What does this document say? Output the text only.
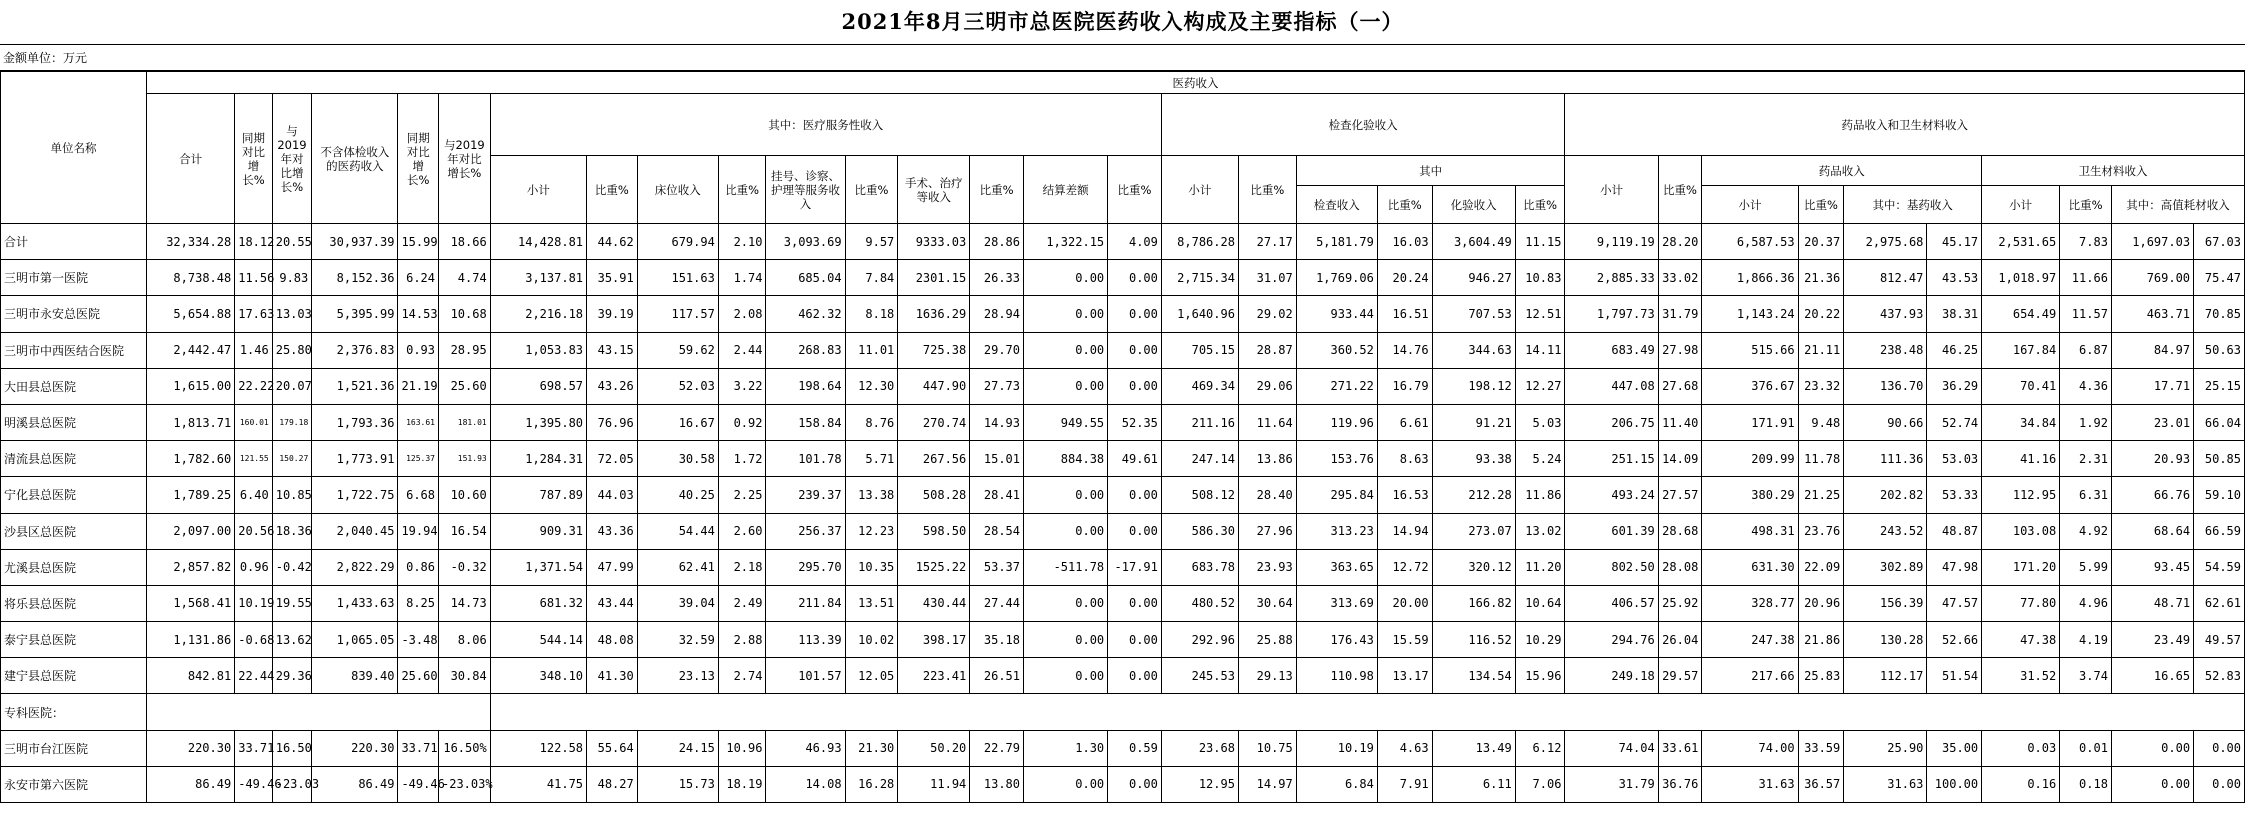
2021年8月三明市总医院医药收入构成及主要指标（一）
金额单位：万元
单位名称	医药收入																															
	合计	同期对比增长%	与2019年对比增长%	不含体检收入的医药收入	同期对比增长%	与2019年对比增长%	其中：医疗服务性收入										检查化验收入						药品收入和卫生材料收入									
							小计	比重%	床位收入	比重%	挂号、诊察、护理等服务收入	比重%	手术、治疗等收入	比重%	结算差额	比重%	小计	比重%	其中				小计	比重%	药品收入				卫生材料收入			
																			检查收入	比重%	化验收入	比重%			小计	比重%	其中：基药收入		小计	比重%	其中：高值耗材收入	
合计	32,334.28	18.12	20.55	30,937.39	15.99	18.66	14,428.81	44.62	679.94	2.10	3,093.69	9.57	9333.03	28.86	1,322.15	4.09	8,786.28	27.17	5,181.79	16.03	3,604.49	11.15	9,119.19	28.20	6,587.53	20.37	2,975.68	45.17	2,531.65	7.83	1,697.03	67.03
三明市第一医院	8,738.48	11.56	9.83	8,152.36	6.24	4.74	3,137.81	35.91	151.63	1.74	685.04	7.84	2301.15	26.33	0.00	0.00	2,715.34	31.07	1,769.06	20.24	946.27	10.83	2,885.33	33.02	1,866.36	21.36	812.47	43.53	1,018.97	11.66	769.00	75.47
三明市永安总医院	5,654.88	17.63	13.03	5,395.99	14.53	10.68	2,216.18	39.19	117.57	2.08	462.32	8.18	1636.29	28.94	0.00	0.00	1,640.96	29.02	933.44	16.51	707.53	12.51	1,797.73	31.79	1,143.24	20.22	437.93	38.31	654.49	11.57	463.71	70.85
三明市中西医结合医院	2,442.47	1.46	25.80	2,376.83	0.93	28.95	1,053.83	43.15	59.62	2.44	268.83	11.01	725.38	29.70	0.00	0.00	705.15	28.87	360.52	14.76	344.63	14.11	683.49	27.98	515.66	21.11	238.48	46.25	167.84	6.87	84.97	50.63
大田县总医院	1,615.00	22.22	20.07	1,521.36	21.19	25.60	698.57	43.26	52.03	3.22	198.64	12.30	447.90	27.73	0.00	0.00	469.34	29.06	271.22	16.79	198.12	12.27	447.08	27.68	376.67	23.32	136.70	36.29	70.41	4.36	17.71	25.15
明溪县总医院	1,813.71	160.01	179.18	1,793.36	163.61	181.01	1,395.80	76.96	16.67	0.92	158.84	8.76	270.74	14.93	949.55	52.35	211.16	11.64	119.96	6.61	91.21	5.03	206.75	11.40	171.91	9.48	90.66	52.74	34.84	1.92	23.01	66.04
清流县总医院	1,782.60	121.55	150.27	1,773.91	125.37	151.93	1,284.31	72.05	30.58	1.72	101.78	5.71	267.56	15.01	884.38	49.61	247.14	13.86	153.76	8.63	93.38	5.24	251.15	14.09	209.99	11.78	111.36	53.03	41.16	2.31	20.93	50.85
宁化县总医院	1,789.25	6.40	10.85	1,722.75	6.68	10.60	787.89	44.03	40.25	2.25	239.37	13.38	508.28	28.41	0.00	0.00	508.12	28.40	295.84	16.53	212.28	11.86	493.24	27.57	380.29	21.25	202.82	53.33	112.95	6.31	66.76	59.10
沙县区总医院	2,097.00	20.56	18.36	2,040.45	19.94	16.54	909.31	43.36	54.44	2.60	256.37	12.23	598.50	28.54	0.00	0.00	586.30	27.96	313.23	14.94	273.07	13.02	601.39	28.68	498.31	23.76	243.52	48.87	103.08	4.92	68.64	66.59
尤溪县总医院	2,857.82	0.96	-0.42	2,822.29	0.86	-0.32	1,371.54	47.99	62.41	2.18	295.70	10.35	1525.22	53.37	-511.78	-17.91	683.78	23.93	363.65	12.72	320.12	11.20	802.50	28.08	631.30	22.09	302.89	47.98	171.20	5.99	93.45	54.59
将乐县总医院	1,568.41	10.19	19.55	1,433.63	8.25	14.73	681.32	43.44	39.04	2.49	211.84	13.51	430.44	27.44	0.00	0.00	480.52	30.64	313.69	20.00	166.82	10.64	406.57	25.92	328.77	20.96	156.39	47.57	77.80	4.96	48.71	62.61
泰宁县总医院	1,131.86	-0.68	13.62	1,065.05	-3.48	8.06	544.14	48.08	32.59	2.88	113.39	10.02	398.17	35.18	0.00	0.00	292.96	25.88	176.43	15.59	116.52	10.29	294.76	26.04	247.38	21.86	130.28	52.66	47.38	4.19	23.49	49.57
建宁县总医院	842.81	22.44	29.36	839.40	25.60	30.84	348.10	41.30	23.13	2.74	101.57	12.05	223.41	26.51	0.00	0.00	245.53	29.13	110.98	13.17	134.54	15.96	249.18	29.57	217.66	25.83	112.17	51.54	31.52	3.74	16.65	52.83
专科医院：																																
三明市台江医院	220.30	33.71	16.50	220.30	33.71	16.50%	122.58	55.64	24.15	10.96	46.93	21.30	50.20	22.79	1.30	0.59	23.68	10.75	10.19	4.63	13.49	6.12	74.04	33.61	74.00	33.59	25.90	35.00	0.03	0.01	0.00	0.00
永安市第六医院	86.49	-49.46	-23.03	86.49	-49.46	-23.03%	41.75	48.27	15.73	18.19	14.08	16.28	11.94	13.80	0.00	0.00	12.95	14.97	6.84	7.91	6.11	7.06	31.79	36.76	31.63	36.57	31.63	100.00	0.16	0.18	0.00	0.00
